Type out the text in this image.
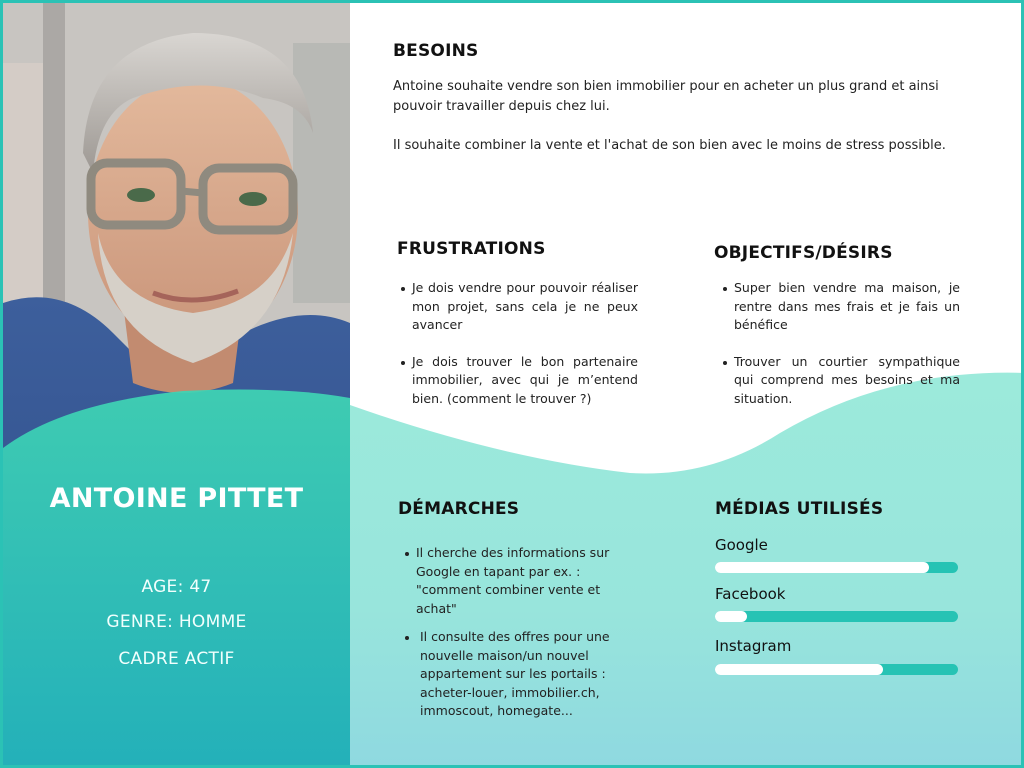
ANTOINE PITTET
AGE: 47
GENRE: HOMME
CADRE ACTIF
BESOINS
Antoine souhaite vendre son bien immobilier pour en acheter un plus grand et ainsi pouvoir travailler depuis chez lui.
Il souhaite combiner la vente et l'achat de son bien avec le moins de stress possible.
FRUSTRATIONS
Je dois vendre pour pouvoir réaliser mon projet, sans cela je ne peux avancer
Je dois trouver le bon partenaire immobilier, avec qui je m’entend bien. (comment le trouver ?)
OBJECTIFS/DÉSIRS
Super bien vendre ma maison, je rentre dans mes frais et je fais un bénéfice
Trouver un courtier sympathique qui comprend mes besoins et ma situation.
DÉMARCHES
Il cherche des informations sur Google en tapant par ex. : "comment combiner vente et achat"
Il consulte des offres pour une nouvelle maison/un nouvel appartement sur les portails : acheter-louer, immobilier.ch, immoscout, homegate...
MÉDIAS UTILISÉS
Google
Facebook
Instagram
